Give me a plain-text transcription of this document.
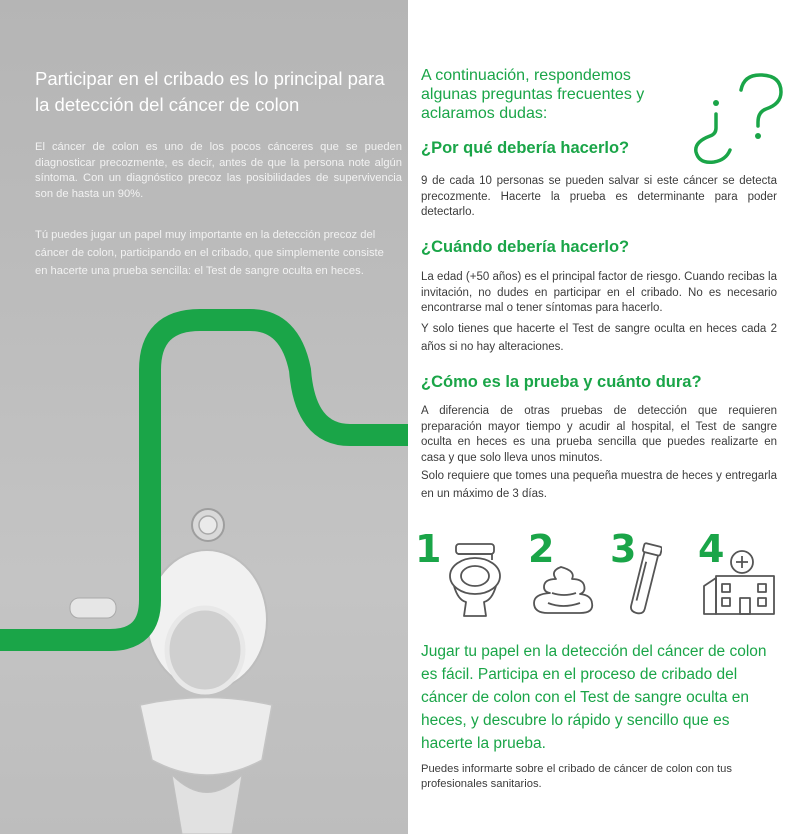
Participar en el cribado es lo principal para la detección del cáncer de colon

El cáncer de colon es uno de los pocos cánceres que se pueden diagnosticar precozmente, es decir, antes de que la persona note algún síntoma. Con un diagnóstico precoz las posibilidades de supervivencia son de hasta un 90%.

Tú puedes jugar un papel muy importante en la detección precoz del cáncer de colon, participando en el cribado, que simplemente consiste en hacerte una prueba sencilla: el Test de sangre oculta en heces.

A continuación, respondemos algunas preguntas frecuentes y aclaramos dudas:

¿Por qué debería hacerlo?

9 de cada 10 personas se pueden salvar si este cáncer se detecta precozmente. Hacerte la prueba es determinante para poder detectarlo.

¿Cuándo debería hacerlo?

La edad (+50 años) es el principal factor de riesgo. Cuando recibas la invitación, no dudes en participar en el cribado. No es necesario encontrarse mal o tener síntomas para hacerlo.

Y solo tienes que hacerte el Test de sangre oculta en heces cada 2 años si no hay alteraciones.

¿Cómo es la prueba y cuánto dura?

A diferencia de otras pruebas de detección que requieren preparación mayor tiempo y acudir al hospital, el Test de sangre oculta en heces es una prueba sencilla que puedes realizarte en casa y que solo lleva unos minutos.

Solo requiere que tomes una pequeña muestra de heces y entregarla en un máximo de 3 días.

1 2 3 4

Jugar tu papel en la detección del cáncer de colon es fácil. Participa en el proceso de cribado del cáncer de colon con el Test de sangre oculta en heces, y descubre lo rápido y sencillo que es hacerte la prueba.

Puedes informarte sobre el cribado de cáncer de colon con tus profesionales sanitarios.
